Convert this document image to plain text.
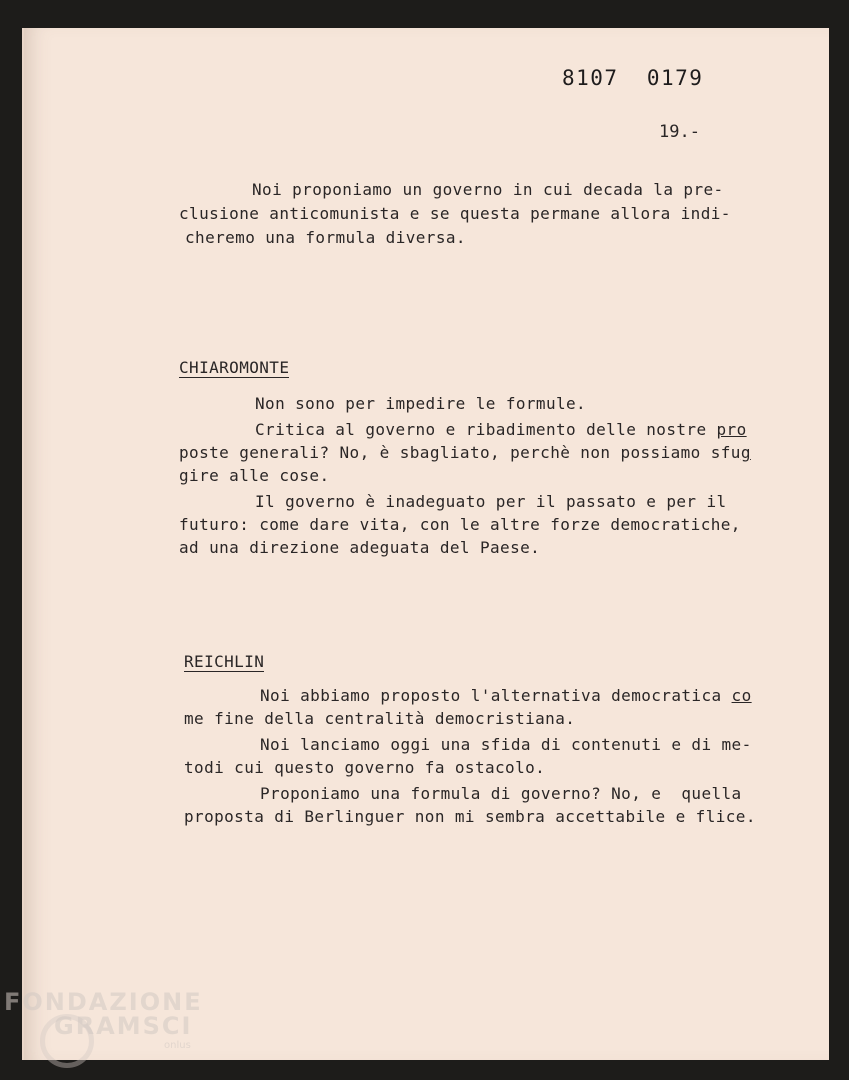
8107  0179
19.-
Noi proponiamo un governo in cui decada la pre-
clusione anticomunista e se questa permane allora indi-
cheremo una formula diversa.
CHIAROMONTE
Non sono per impedire le formule.
Critica al governo e ribadimento delle nostre pro
poste generali? No, è sbagliato, perchè non possiamo sfug
gire alle cose.
Il governo è inadeguato per il passato e per il
futuro: come dare vita, con le altre forze democratiche,
ad una direzione adeguata del Paese.
REICHLIN
Noi abbiamo proposto l'alternativa democratica co
me fine della centralità democristiana.
Noi lanciamo oggi una sfida di contenuti e di me-
todi cui questo governo fa ostacolo.
Proponiamo una formula di governo? No, e  quella
proposta di Berlinguer non mi sembra accettabile e flice.
FONDAZIONE
GRAMSCI
onlus
